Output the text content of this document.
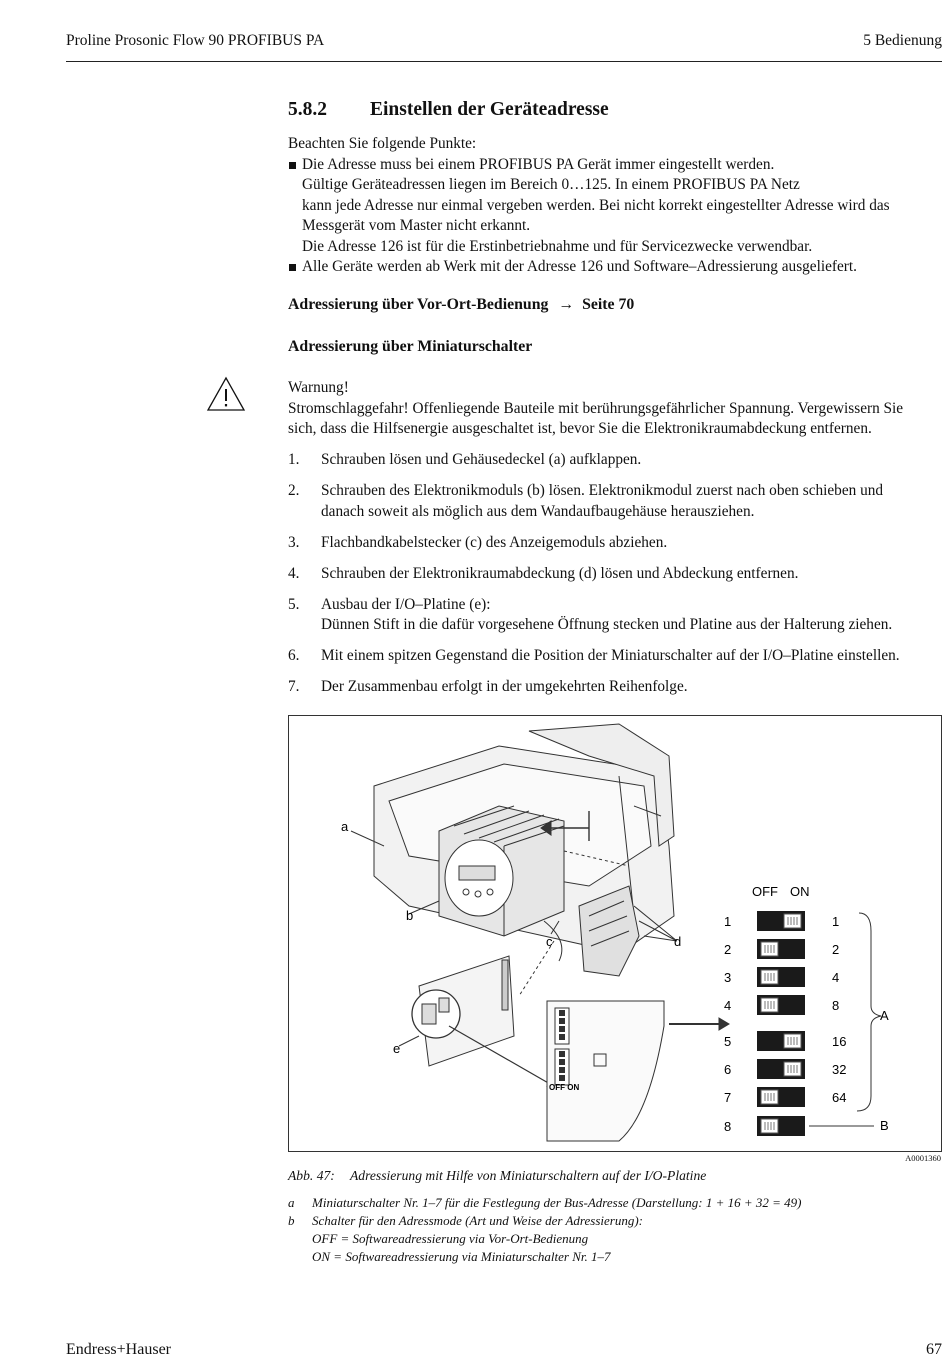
Proline Prosonic Flow 90 PROFIBUS PA	5 Bedienung
5.8.2 Einstellen der Geräteadresse
Beachten Sie folgende Punkte:
Die Adresse muss bei einem PROFIBUS PA Gerät immer eingestellt werden.
Gültige Geräteadressen liegen im Bereich 0…125. In einem PROFIBUS PA Netz
kann jede Adresse nur einmal vergeben werden. Bei nicht korrekt eingestellter Adresse wird das
Messgerät vom Master nicht erkannt.
Die Adresse 126 ist für die Erstinbetriebnahme und für Servicezwecke verwendbar.
Alle Geräte werden ab Werk mit der Adresse 126 und Software–Adressierung ausgeliefert.
Adressierung über Vor-Ort-Bedienung → Seite 70
Adressierung über Miniaturschalter
Warnung!
Stromschlaggefahr! Offenliegende Bauteile mit berührungsgefährlicher Spannung. Vergewissern Sie
sich, dass die Hilfsenergie ausgeschaltet ist, bevor Sie die Elektronikraumabdeckung entfernen.
1. Schrauben lösen und Gehäusedeckel (a) aufklappen.
2. Schrauben des Elektronikmoduls (b) lösen. Elektronikmodul zuerst nach oben schieben und
danach soweit als möglich aus dem Wandaufbaugehäuse herausziehen.
3. Flachbandkabelstecker (c) des Anzeigemoduls abziehen.
4. Schrauben der Elektronikraumabdeckung (d) lösen und Abdeckung entfernen.
5. Ausbau der I/O–Platine (e):
Dünnen Stift in die dafür vorgesehene Öffnung stecken und Platine aus der Halterung ziehen.
6. Mit einem spitzen Gegenstand die Position der Miniaturschalter auf der I/O–Platine einstellen.
7. Der Zusammenbau erfolgt in der umgekehrten Reihenfolge.
OFF ON
a
b
c	d
e
OFF ON
1	1
2	2
3	4
4	8
5	16
6	32
7	64
8
A
B
A0001360
Abb. 47: Adressierung mit Hilfe von Miniaturschaltern auf der I/O-Platine
a Miniaturschalter Nr. 1–7 für die Festlegung der Bus-Adresse (Darstellung: 1 + 16 + 32 = 49)
b Schalter für den Adressmode (Art und Weise der Adressierung):
OFF = Softwareadressierung via Vor-Ort-Bedienung
ON = Softwareadressierung via Miniaturschalter Nr. 1–7
Endress+Hauser	67
